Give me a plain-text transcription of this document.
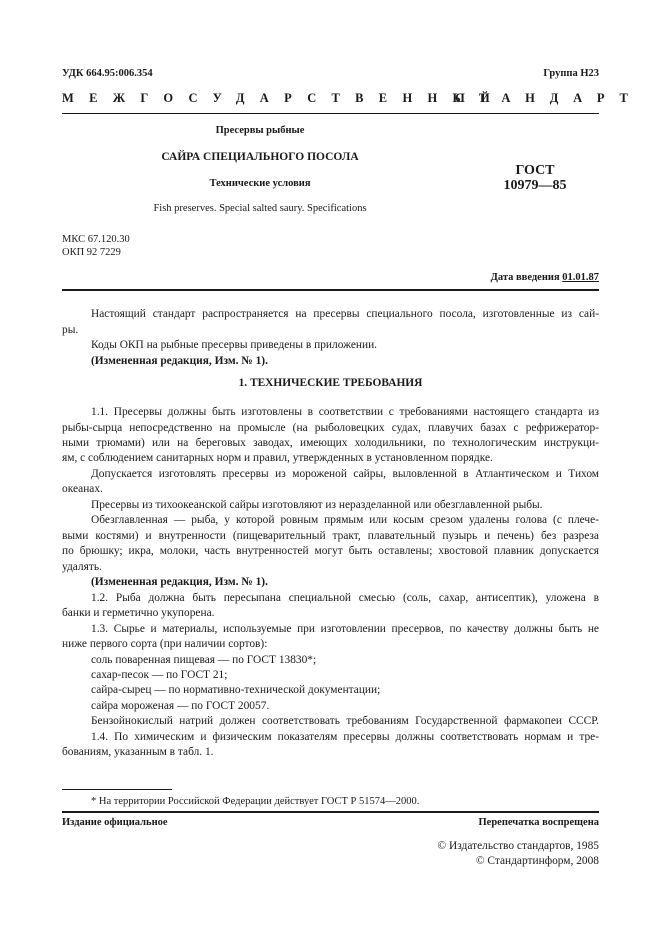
УДК 664.95:006.354	Группа Н23
МЕЖГОСУДАРСТВЕННЫЙ
СТАНДАРТ
Пресервы рыбные
САЙРА СПЕЦИАЛЬНОГО ПОСОЛА
Технические условия
Fish preserves. Special salted saury. Specifications
ГОСТ
10979—85
МКС 67.120.30
ОКП 92 7229
Дата введения 01.01.87
Настоящий стандарт распространяется на пресервы специального посола, изготовленные из сай-
ры.
Коды ОКП на рыбные пресервы приведены в приложении.
(Измененная редакция, Изм. № 1).
1. ТЕХНИЧЕСКИЕ ТРЕБОВАНИЯ
1.1. Пресервы должны быть изготовлены в соответствии с требованиями настоящего стандарта из
рыбы-сырца непосредственно на промысле (на рыболовецких судах, плавучих базах с рефрижератор-
ными трюмами) или на береговых заводах, имеющих холодильники, по технологическим инструкци-
ям, с соблюдением санитарных норм и правил, утвержденных в установленном порядке.
Допускается изготовлять пресервы из мороженой сайры, выловленной в Атлантическом и Тихом
океанах.
Пресервы из тихоокеанской сайры изготовляют из неразделанной или обезглавленной рыбы.
Обезглавленная — рыба, у которой ровным прямым или косым срезом удалены голова (с плече-
выми костями) и внутренности (пищеварительный тракт, плавательный пузырь и печень) без разреза
по брюшку; икра, молоки, часть внутренностей могут быть оставлены; хвостовой плавник допускается
удалять.
(Измененная редакция, Изм. № 1).
1.2. Рыба должна быть пересыпана специальной смесью (соль, сахар, антисептик), уложена в
банки и герметично укупорена.
1.3. Сырье и материалы, используемые при изготовлении пресервов, по качеству должны быть не
ниже первого сорта (при наличии сортов):
соль поваренная пищевая — по ГОСТ 13830*;
сахар-песок — по ГОСТ 21;
сайра-сырец — по нормативно-технической документации;
сайра мороженая — по ГОСТ 20057.
Бензойнокислый натрий должен соответствовать требованиям Государственной фармакопеи СССР.
1.4. По химическим и физическим показателям пресервы должны соответствовать нормам и тре-
бованиям, указанным в табл. 1.
* На территории Российской Федерации действует ГОСТ Р 51574—2000.
Издание официальное	Перепечатка воспрещена
© Издательство стандартов, 1985
© Стандартинформ, 2008
